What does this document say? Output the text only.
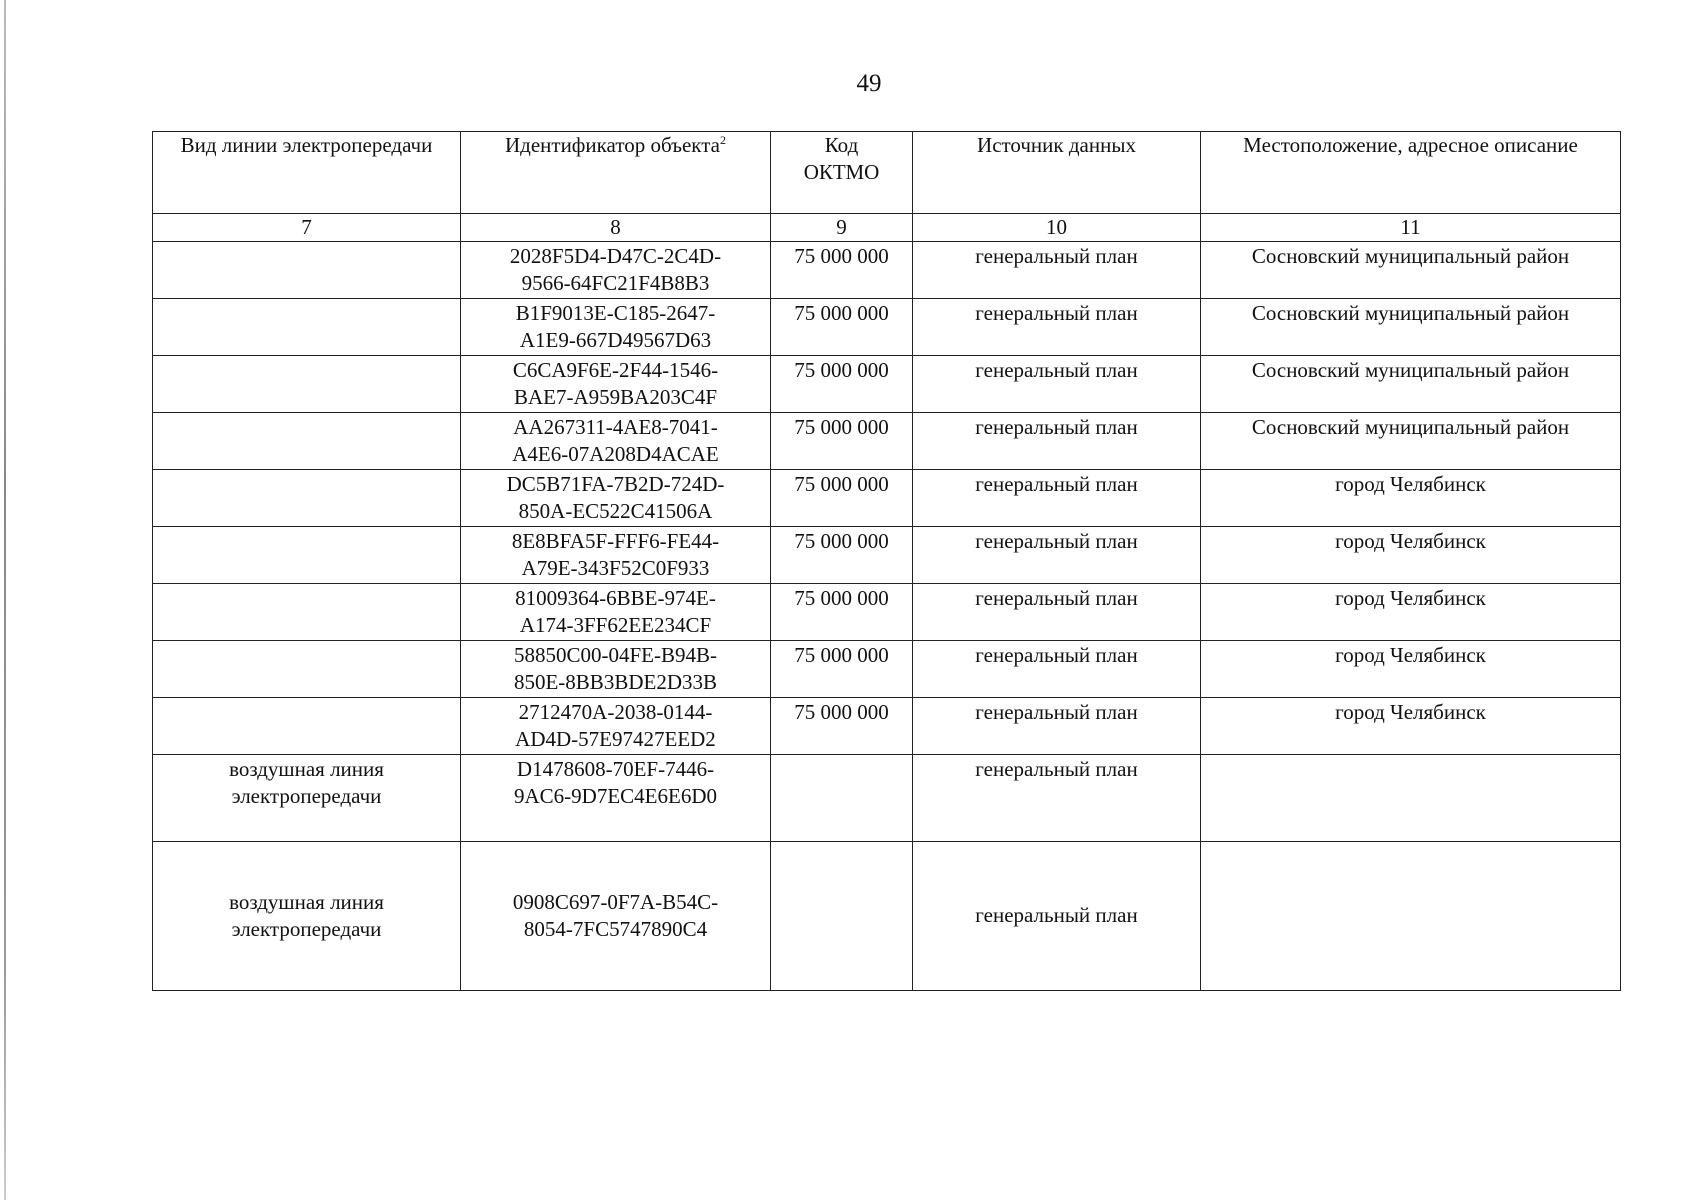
49
Вид линии электропередачи	Идентификатор объекта$^2$	Код ОКТМО	Источник данных	Местоположение, адресное описание
7	8	9	10	11

	2028F5D4-D47C-2C4D-
9566-64FC21F4B8B3	75 000 000	генеральный план	Сосновский муниципальный район

	B1F9013E-C185-2647-
A1E9-667D49567D63	75 000 000	генеральный план	Сосновский муниципальный район

	C6CA9F6E-2F44-1546-
BAE7-A959BA203C4F	75 000 000	генеральный план	Сосновский муниципальный район

	AA267311-4AE8-7041-
A4E6-07A208D4ACAE	75 000 000	генеральный план	Сосновский муниципальный район

	DC5B71FA-7B2D-724D-
850A-EC522C41506A	75 000 000	генеральный план	город Челябинск

	8E8BFA5F-FFF6-FE44-
A79E-343F52C0F933	75 000 000	генеральный план	город Челябинск

	81009364-6BBE-974E-
A174-3FF62EE234CF	75 000 000	генеральный план	город Челябинск

	58850C00-04FE-B94B-
850E-8BB3BDE2D33B	75 000 000	генеральный план	город Челябинск

	2712470A-2038-0144-
AD4D-57E97427EED2	75 000 000	генеральный план	город Челябинск
воздушная линия электропередачи	D1478608-70EF-7446-
9AC6-9D7EC4E6E6D0		генеральный план	
воздушная линия электропередачи	0908C697-0F7A-B54C-
8054-7FC5747890C4		генеральный план	
